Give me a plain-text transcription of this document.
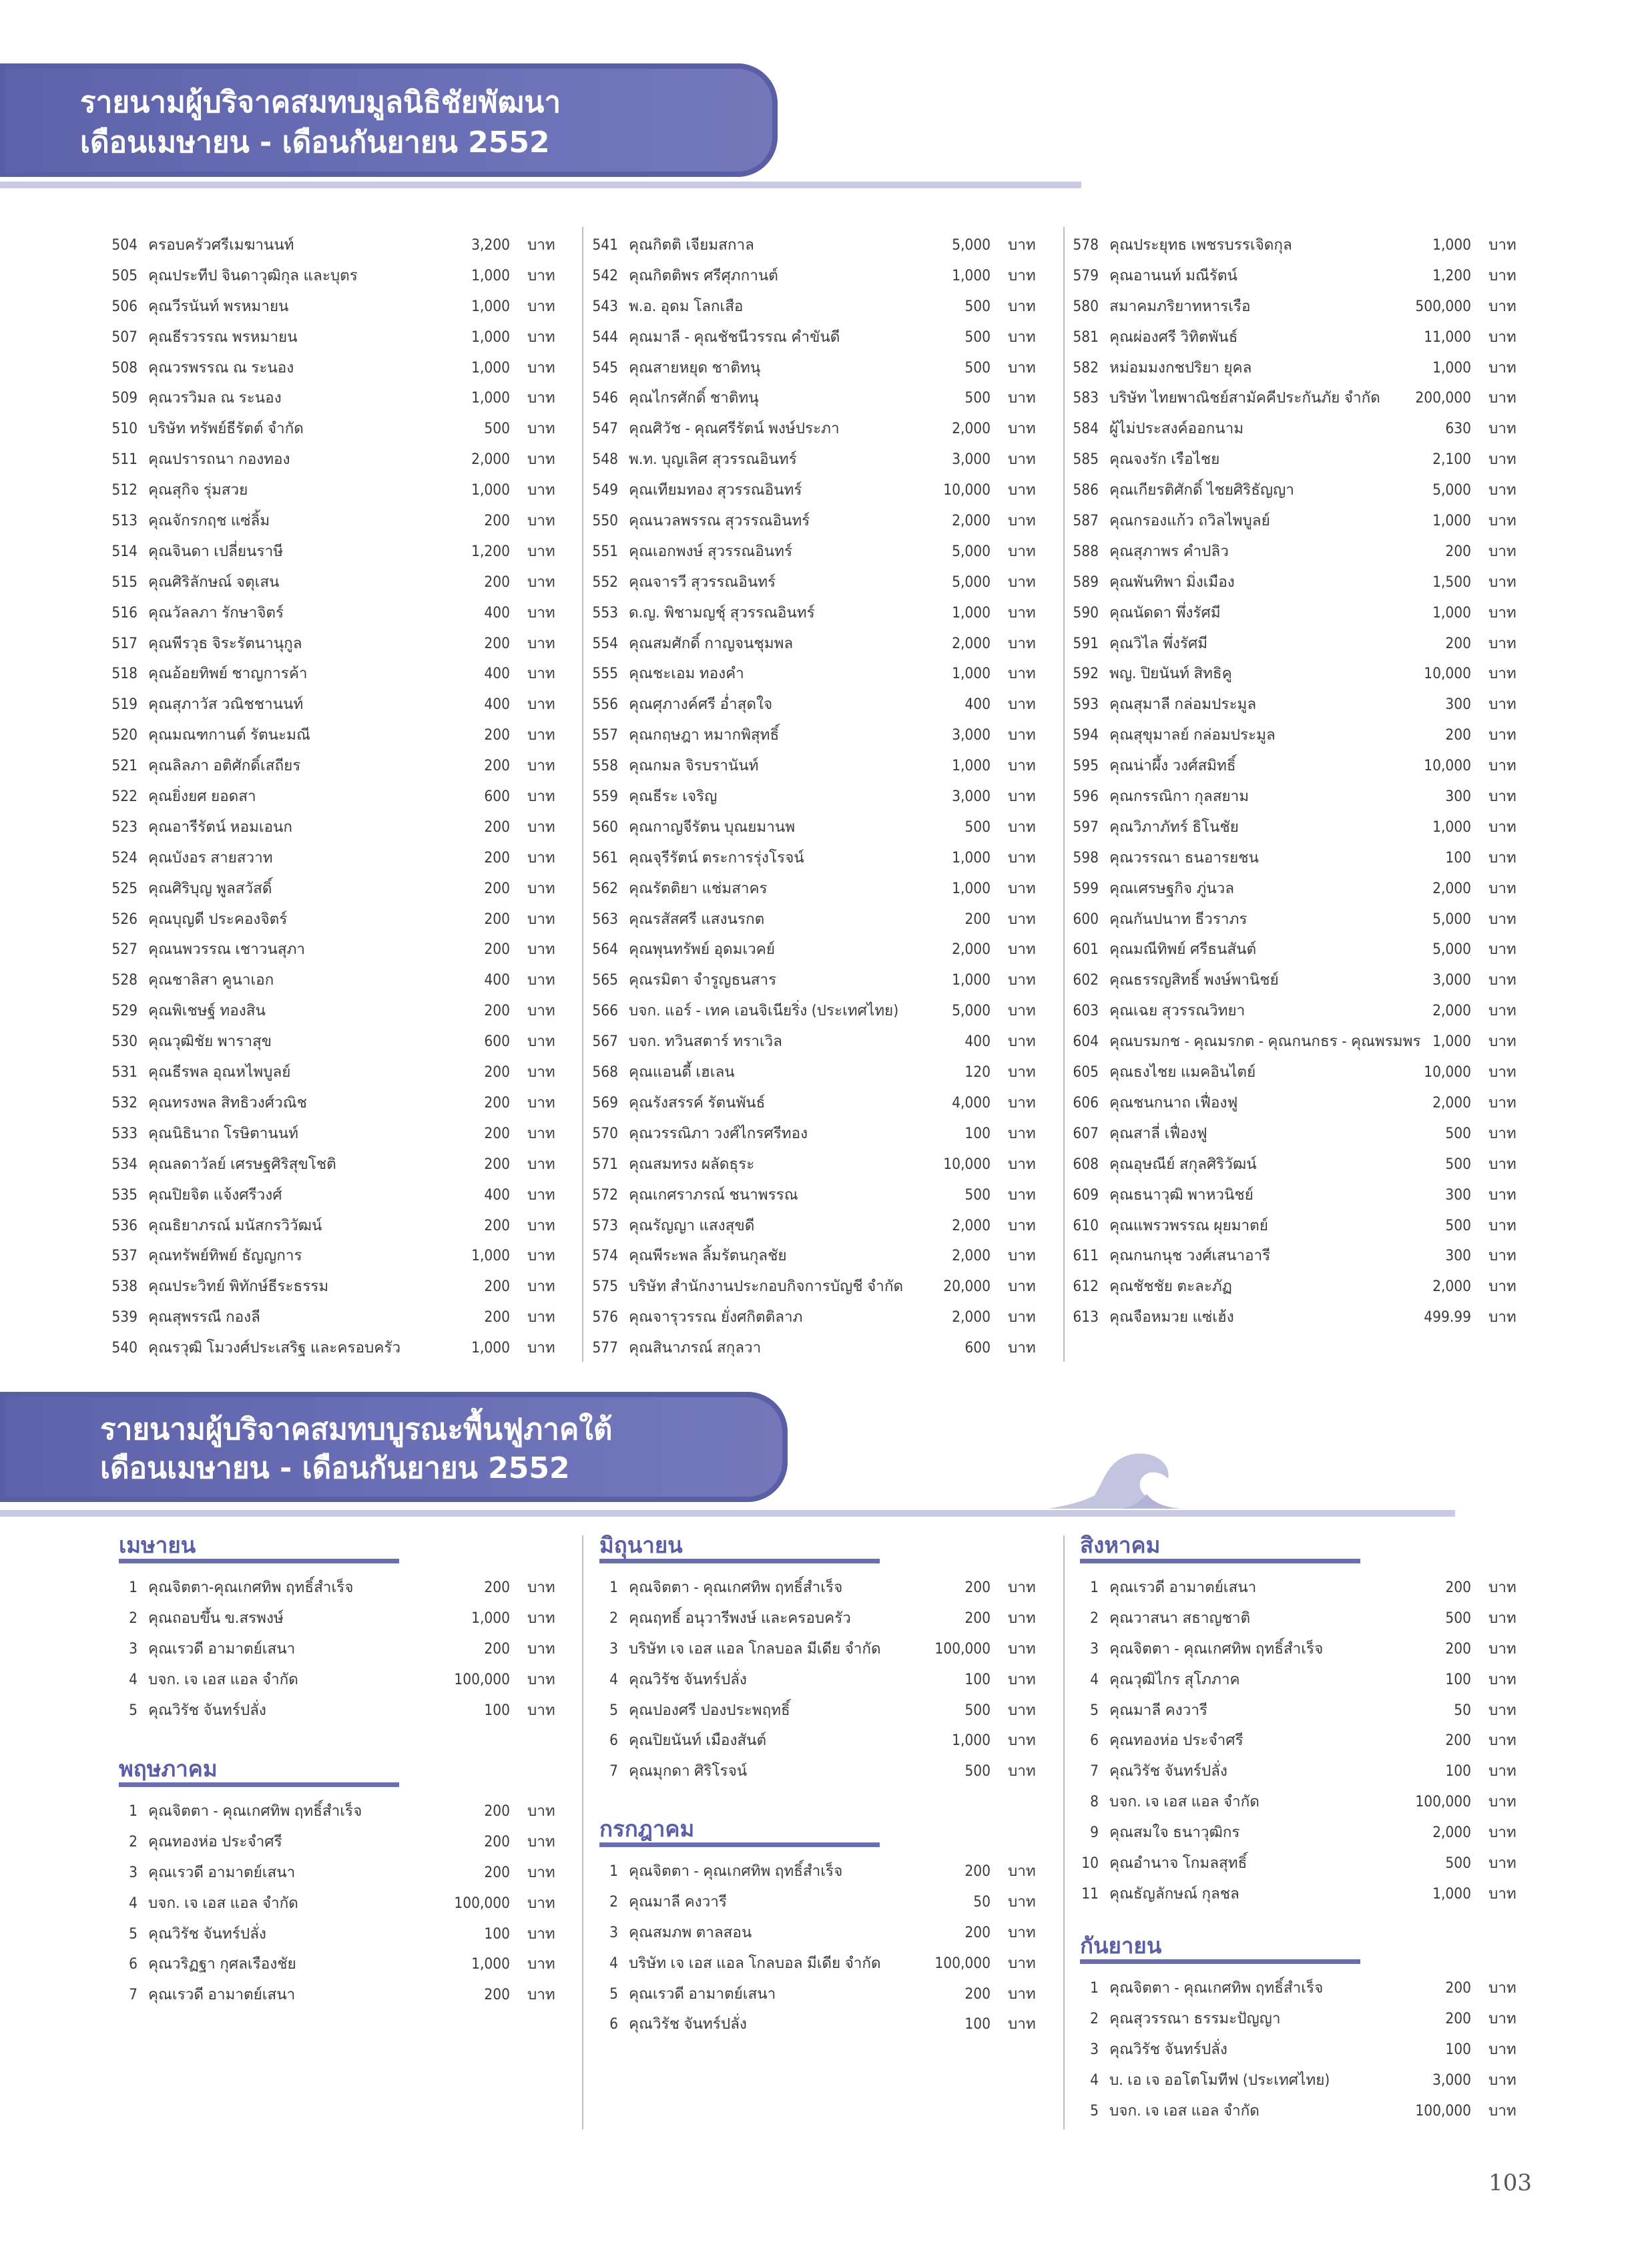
รายนามผู้บริจาคสมทบมูลนิธิชัยพัฒนา
เดือนเมษายน - เดือนกันยายน 2552
504 ครอบครัวศรีเมฆานนท์	3,200 บาท
505 คุณประทีป จินดาวุฒิกุล และบุตร	1,000 บาท
506 คุณวีรนันท์ พรหมายน	1,000 บาท
507 คุณธีรวรรณ พรหมายน	1,000 บาท
508 คุณวรพรรณ ณ ระนอง	1,000 บาท
509 คุณวรวิมล ณ ระนอง	1,000 บาท
510 บริษัท ทรัพย์ธีรัตต์ จำกัด	500 บาท
511 คุณปรารถนา กองทอง	2,000 บาท
512 คุณสุกิจ รุ่มสวย	1,000 บาท
513 คุณจักรกฤช แซ่ลิ้ม	200 บาท
514 คุณจินดา เปลี่ยนราษี	1,200 บาท
515 คุณศิริลักษณ์ จตุเสน	200 บาท
516 คุณวัลลภา รักษาจิตร์	400 บาท
517 คุณพีรวุธ จิระรัตนานุกูล	200 บาท
518 คุณอ้อยทิพย์ ชาญการค้า	400 บาท
519 คุณสุภาวัส วณิชชานนท์	400 บาท
520 คุณมณฑกานต์ รัตนะมณี	200 บาท
521 คุณลิลภา อติศักดิ์เสถียร	200 บาท
522 คุณยิ่งยศ ยอดสา	600 บาท
523 คุณอารีรัตน์ หอมเอนก	200 บาท
524 คุณบังอร สายสวาท	200 บาท
525 คุณศิริบุญ พูลสวัสดิ์	200 บาท
526 คุณบุญดี ประคองจิตร์	200 บาท
527 คุณนพวรรณ เชาวนสุภา	200 บาท
528 คุณชาลิสา คูนาเอก	400 บาท
529 คุณพิเชษฐ์ ทองสิน	200 บาท
530 คุณวุฒิชัย พาราสุข	600 บาท
531 คุณธีรพล อุณหไพบูลย์	200 บาท
532 คุณทรงพล สิทธิวงศ์วณิช	200 บาท
533 คุณนิธินาถ โรษิตานนท์	200 บาท
534 คุณลดาวัลย์ เศรษฐศิริสุขโชติ	200 บาท
535 คุณปิยจิต แจ้งศรีวงศ์	400 บาท
536 คุณธิยาภรณ์ มนัสกรวิวัฒน์	200 บาท
537 คุณทรัพย์ทิพย์ ธัญญการ	1,000 บาท
538 คุณประวิทย์ พิทักษ์ธีระธรรม	200 บาท
539 คุณสุพรรณี กองลี	200 บาท
540 คุณรวุฒิ โมวงศ์ประเสริฐ และครอบครัว	1,000 บาท
541 คุณกิตติ เจียมสกาล	5,000 บาท
542 คุณกิตติพร ศรีศุภกานต์	1,000 บาท
543 พ.อ. อุดม โลกเสือ	500 บาท
544 คุณมาลี - คุณชัชนีวรรณ คำขันดี	500 บาท
545 คุณสายหยุด ชาติทนุ	500 บาท
546 คุณไกรศักดิ์ ชาติทนุ	500 บาท
547 คุณศิวัช - คุณศรีรัตน์ พงษ์ประภา	2,000 บาท
548 พ.ท. บุญเลิศ สุวรรณอินทร์	3,000 บาท
549 คุณเทียมทอง สุวรรณอินทร์	10,000 บาท
550 คุณนวลพรรณ สุวรรณอินทร์	2,000 บาท
551 คุณเอกพงษ์ สุวรรณอินทร์	5,000 บาท
552 คุณจารวี สุวรรณอินทร์	5,000 บาท
553 ด.ญ. พิชามญชุ์ สุวรรณอินทร์	1,000 บาท
554 คุณสมศักดิ์ กาญจนชุมพล	2,000 บาท
555 คุณชะเอม ทองคำ	1,000 บาท
556 คุณศุภางค์ศรี อ่ำสุดใจ	400 บาท
557 คุณกฤษฎา หมากพิสุทธิ์	3,000 บาท
558 คุณกมล จิรบรานันท์	1,000 บาท
559 คุณธีระ เจริญ	3,000 บาท
560 คุณกาญจีรัตน บุณยมานพ	500 บาท
561 คุณจุรีรัตน์ ตระการรุ่งโรจน์	1,000 บาท
562 คุณรัตติยา แช่มสาคร	1,000 บาท
563 คุณรสัสศรี แสงนรกต	200 บาท
564 คุณพุนทรัพย์ อุดมเวคย์	2,000 บาท
565 คุณรมิตา จำรูญธนสาร	1,000 บาท
566 บจก. แอร์ - เทค เอนจิเนียริ่ง (ประเทศไทย)	5,000 บาท
567 บจก. ทวินสตาร์ ทราเวิล	400 บาท
568 คุณแอนดี้ เฮเลน	120 บาท
569 คุณรังสรรค์ รัตนพันธ์	4,000 บาท
570 คุณวรรณิภา วงศ์ไกรศรีทอง	100 บาท
571 คุณสมทรง ผลัดธุระ	10,000 บาท
572 คุณเกศราภรณ์ ชนาพรรณ	500 บาท
573 คุณรัญญา แสงสุขดี	2,000 บาท
574 คุณพีระพล ลิ้มรัตนกุลชัย	2,000 บาท
575 บริษัท สำนักงานประกอบกิจการบัญชี จำกัด	20,000 บาท
576 คุณจารุวรรณ ยั่งศกิตติลาภ	2,000 บาท
577 คุณสินาภรณ์ สกุลวา	600 บาท
578 คุณประยุทธ เพชรบรรเจิดกุล	1,000 บาท
579 คุณอานนท์ มณีรัตน์	1,200 บาท
580 สมาคมภริยาทหารเรือ	500,000 บาท
581 คุณผ่องศรี วิทิตพันธ์	11,000 บาท
582 หม่อมมงกชปริยา ยุคล	1,000 บาท
583 บริษัท ไทยพาณิชย์สามัคคีประกันภัย จำกัด 200,000 บาท
584 ผู้ไม่ประสงค์ออกนาม	630 บาท
585 คุณจงรัก เรือไชย	2,100 บาท
586 คุณเกียรติศักดิ์ ไชยศิริธัญญา	5,000 บาท
587 คุณกรองแก้ว ถวิลไพบูลย์	1,000 บาท
588 คุณสุภาพร คำปลิว	200 บาท
589 คุณพันทิพา มิ่งเมือง	1,500 บาท
590 คุณนัดดา พึ่งรัศมี	1,000 บาท
591 คุณวิไล พึ่งรัศมี	200 บาท
592 พญ. ปิยนันท์ สิทธิคู	10,000 บาท
593 คุณสุมาลี กล่อมประมูล	300 บาท
594 คุณสุขุมาลย์ กล่อมประมูล	200 บาท
595 คุณน่าผึ้ง วงศ์สมิทธิ์	10,000 บาท
596 คุณกรรณิกา กุลสยาม	300 บาท
597 คุณวิภาภัทร์ ธิโนชัย	1,000 บาท
598 คุณวรรณา ธนอารยชน	100 บาท
599 คุณเศรษฐกิจ ภู่นวล	2,000 บาท
600 คุณกันปนาท ธีวราภร	5,000 บาท
601 คุณมณีทิพย์ ศรีธนสันต์	5,000 บาท
602 คุณธรรญสิทธิ์ พงษ์พานิชย์	3,000 บาท
603 คุณเฉย สุวรรณวิทยา	2,000 บาท
604 คุณบรมกช - คุณมรกต - คุณกนกธร - คุณพรมพร 1,000 บาท
605 คุณธงไชย แมคอินไตย์	10,000 บาท
606 คุณชนกนาถ เฟื่องฟู	2,000 บาท
607 คุณสาลี่ เฟื่องฟู	500 บาท
608 คุณอุษณีย์ สกุลศิริวัฒน์	500 บาท
609 คุณธนาวุฒิ พาหวนิชย์	300 บาท
610 คุณแพรวพรรณ ผุยมาตย์	500 บาท
611 คุณกนกนุช วงศ์เสนาอารี	300 บาท
612 คุณชัชชัย ตะละภัฏ	2,000 บาท
613 คุณจือหมวย แซ่เฮ้ง	499.99 บาท
รายนามผู้บริจาคสมทบบูรณะพื้นฟูภาคใต้
เดือนเมษายน - เดือนกันยายน 2552
เมษายน
1 คุณจิตตา-คุณเกศทิพ ฤทธิ์สำเร็จ	200 บาท
2 คุณถอบขึ้น ข.สรพงษ์	1,000 บาท
3 คุณเรวดี อามาตย์เสนา	200 บาท
4 บจก. เจ เอส แอล จำกัด	100,000 บาท
5 คุณวิรัช จันทร์ปลั่ง	100 บาท
พฤษภาคม
1 คุณจิตตา - คุณเกศทิพ ฤทธิ์สำเร็จ	200 บาท
2 คุณทองห่อ ประจำศรี	200 บาท
3 คุณเรวดี อามาตย์เสนา	200 บาท
4 บจก. เจ เอส แอล จำกัด	100,000 บาท
5 คุณวิรัช จันทร์ปลั่ง	100 บาท
6 คุณวริฏฐา กุศลเรืองชัย	1,000 บาท
7 คุณเรวดี อามาตย์เสนา	200 บาท
มิถุนายน
1 คุณจิตตา - คุณเกศทิพ ฤทธิ์สำเร็จ	200 บาท
2 คุณฤทธิ์ อนุวารีพงษ์ และครอบครัว	200 บาท
3 บริษัท เจ เอส แอล โกลบอล มีเดีย จำกัด	100,000 บาท
4 คุณวิรัช จันทร์ปลั่ง	100 บาท
5 คุณปองศรี ปองประพฤทธิ์	500 บาท
6 คุณปิยนันท์ เมืองสันต์	1,000 บาท
7 คุณมุกดา ศิริโรจน์	500 บาท
กรกฎาคม
1 คุณจิตตา - คุณเกศทิพ ฤทธิ์สำเร็จ	200 บาท
2 คุณมาลี คงวารี	50 บาท
3 คุณสมภพ ตาลสอน	200 บาท
4 บริษัท เจ เอส แอล โกลบอล มีเดีย จำกัด	100,000 บาท
5 คุณเรวดี อามาตย์เสนา	200 บาท
6 คุณวิรัช จันทร์ปลั่ง	100 บาท
สิงหาคม
1 คุณเรวดี อามาตย์เสนา	200 บาท
2 คุณวาสนา สธาญชาติ	500 บาท
3 คุณจิตตา - คุณเกศทิพ ฤทธิ์สำเร็จ	200 บาท
4 คุณวุฒิไกร สุโภภาค	100 บาท
5 คุณมาลี คงวารี	50 บาท
6 คุณทองห่อ ประจำศรี	200 บาท
7 คุณวิรัช จันทร์ปลั่ง	100 บาท
8 บจก. เจ เอส แอล จำกัด	100,000 บาท
9 คุณสมใจ ธนาวุฒิกร	2,000 บาท
10 คุณอำนาจ โกมลสุทธิ์	500 บาท
11 คุณธัญลักษณ์ กุลชล	1,000 บาท
กันยายน
1 คุณจิตตา - คุณเกศทิพ ฤทธิ์สำเร็จ	200 บาท
2 คุณสุวรรณา ธรรมะปัญญา	200 บาท
3 คุณวิรัช จันทร์ปลั่ง	100 บาท
4 บ. เอ เจ ออโตโมทีฟ (ประเทศไทย)	3,000 บาท
5 บจก. เจ เอส แอล จำกัด	100,000 บาท
103
